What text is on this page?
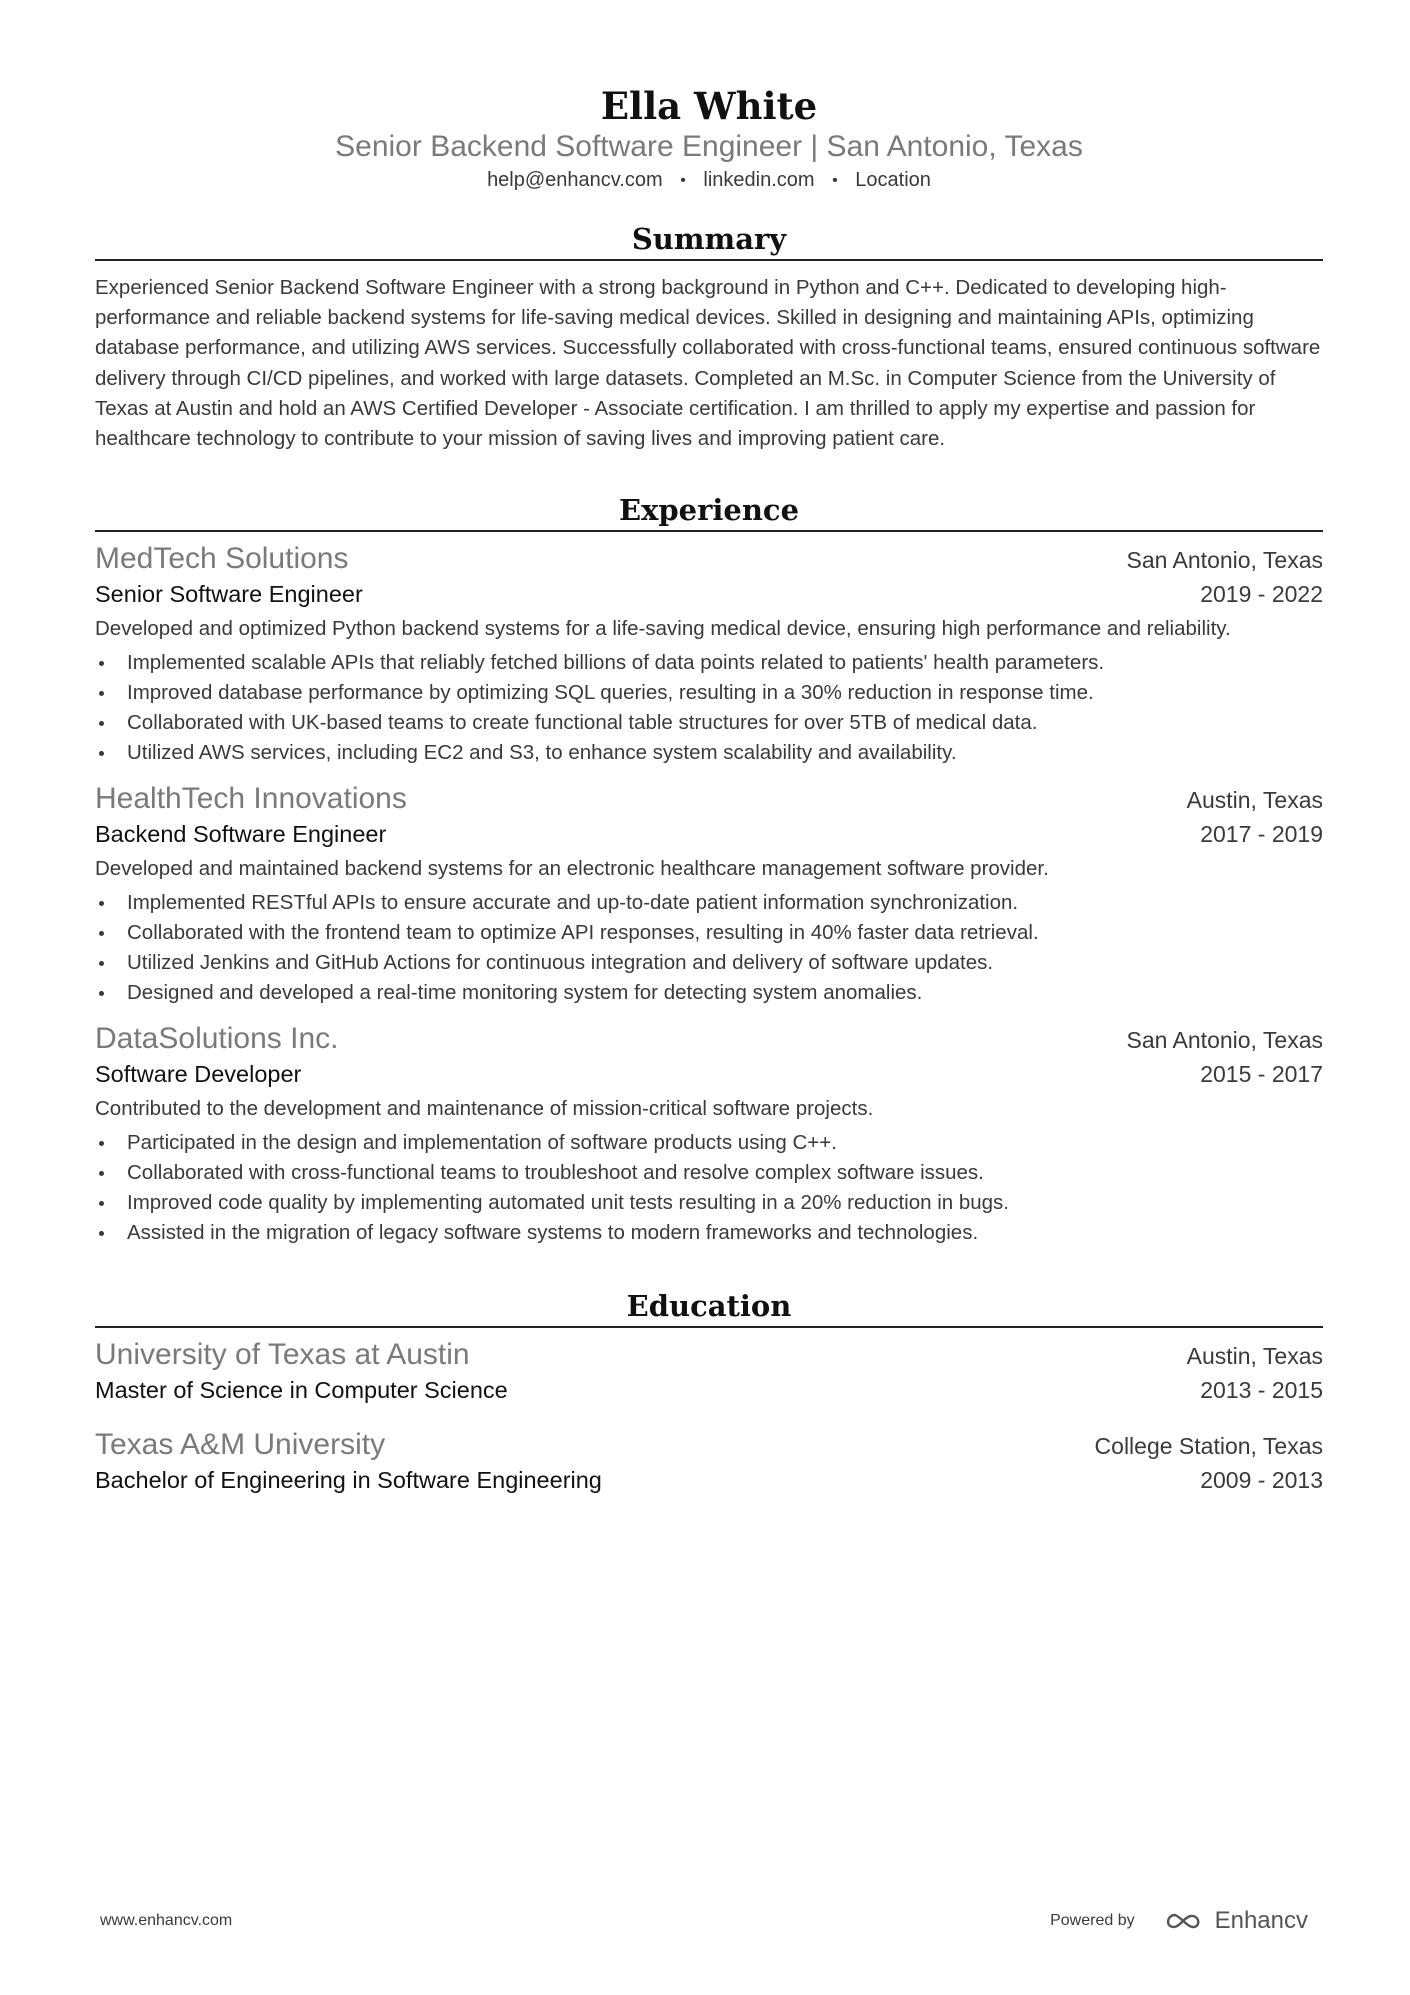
Ella White
Senior Backend Software Engineer | San Antonio, Texas
help@enhancv.com • linkedin.com • Location
Summary
Experienced Senior Backend Software Engineer with a strong background in Python and C++. Dedicated to developing high-performance and reliable backend systems for life-saving medical devices. Skilled in designing and maintaining APIs, optimizing database performance, and utilizing AWS services. Successfully collaborated with cross-functional teams, ensured continuous software delivery through CI/CD pipelines, and worked with large datasets. Completed an M.Sc. in Computer Science from the University of Texas at Austin and hold an AWS Certified Developer - Associate certification. I am thrilled to apply my expertise and passion for healthcare technology to contribute to your mission of saving lives and improving patient care.
Experience
MedTech Solutions	San Antonio, Texas
Senior Software Engineer	2019 - 2022
Developed and optimized Python backend systems for a life-saving medical device, ensuring high performance and reliability.
Implemented scalable APIs that reliably fetched billions of data points related to patients' health parameters.
Improved database performance by optimizing SQL queries, resulting in a 30% reduction in response time.
Collaborated with UK-based teams to create functional table structures for over 5TB of medical data.
Utilized AWS services, including EC2 and S3, to enhance system scalability and availability.
HealthTech Innovations	Austin, Texas
Backend Software Engineer	2017 - 2019
Developed and maintained backend systems for an electronic healthcare management software provider.
Implemented RESTful APIs to ensure accurate and up-to-date patient information synchronization.
Collaborated with the frontend team to optimize API responses, resulting in 40% faster data retrieval.
Utilized Jenkins and GitHub Actions for continuous integration and delivery of software updates.
Designed and developed a real-time monitoring system for detecting system anomalies.
DataSolutions Inc.	San Antonio, Texas
Software Developer	2015 - 2017
Contributed to the development and maintenance of mission-critical software projects.
Participated in the design and implementation of software products using C++.
Collaborated with cross-functional teams to troubleshoot and resolve complex software issues.
Improved code quality by implementing automated unit tests resulting in a 20% reduction in bugs.
Assisted in the migration of legacy software systems to modern frameworks and technologies.
Education
University of Texas at Austin	Austin, Texas
Master of Science in Computer Science	2013 - 2015
Texas A&M University	College Station, Texas
Bachelor of Engineering in Software Engineering	2009 - 2013
www.enhancv.com	Powered by	Enhancv
